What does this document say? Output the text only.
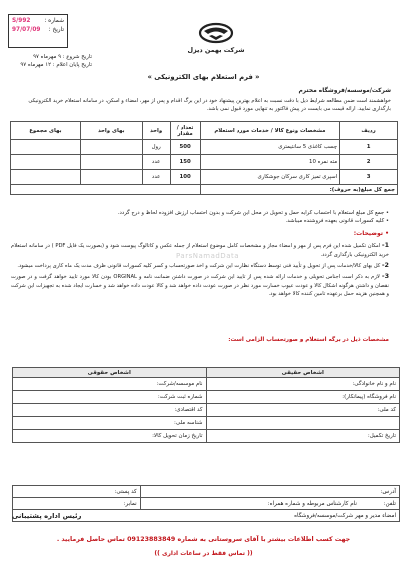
شماره :
S/992
تاریخ :
97/07/09
تاریخ شروع : ۹ مهرماه ۹۷
تاریخ پایان اعلام : ۱۲ مهرماه ۹۷
شرکت بهمن دیزل
« فرم استعلام بهای الکترونیکی »
شرکت/موسسه/فروشگاه محترم
خواهشمند است ضمن مطالعه شرایط ذیل با دقت نسبت به اعلام بهترین پیشنهاد خود در این برگ اقدام و پس از مهر، امضاء و اسکن، در سامانه استعلام خرید الکترونیکی بارگذاری نمایید. ارائه قیمت می بایست در پیش فاکتور به تنهایی مورد قبول نمی باشد.
ردیف	مشخصات ونوع کالا / خدمات مورد استعلام	تعداد / مقدار	واحد	بهای واحد	بهای مجموع
1	چسب کاغذی 5 سانتیمتری	500	رول		
2	مته نمره 10	150	عدد		
3	اسپری تمیز کاری سرکان جوشکاری	100	عدد		
جمع کل مبلغ(به حروف):					
• جمع کل مبلغ استعلام با احتساب کرایه حمل و تحویل در محل این شرکت و بدون احتساب ارزش افزوده لحاظ و درج گردد.
• کلیه کسورات قانونی بعهده فروشنده میباشد.
• توضیحات:

1- امکان تکمیل شده این فرم پس از مهر و امضاء مجاز و مشخصات کامل موضوع استعلام از جمله عکس و کاتالوگ پیوست شود و (بصورت یک فایل PDF ) در سامانه استعلام خرید الکترونیکی بارگذاری گردد.

2- کل بهای کالا/خدمات پس از تحویل و تأیید فنی توسط دستگاه نظارت این شرکت و اخذ صورتحساب و کسر کلیه کسورات قانونی ظرف مدت یک ماه کاری پرداخت میشود.

3- لازم به ذکر است اجناس تحویلی و خدمات ارائه شده پس از تایید این شرکت در صورت داشتن ضمانت نامه و ORGINAL بودن کالا مورد تایید خواهد گرفت و در صورت نقصان و داشتن هرگونه اشکال کالا و عودت عیوب خسارت مورد نظر در صورت عودت داده خواهد شد و کالا عودت داده خواهد شد و خسارت ایجاد شده به تجهیزات این شرکت و همچنین هزینه حمل برعهده تامین کننده کالا خواهد بود.

ParsNamadData
مشخصات ذیل در برگه استعلام و صورتحساب الزامی است:
اشخاص حقیقی	اشخاص حقوقی
نام و نام خانوادگی:	نام موسسه/شرکت:
نام فروشگاه (پیمانکار):	شماره ثبت شرکت:
کد ملی:	کد اقتصادی:
	شناسه ملی:
تاریخ تکمیل:	تاریخ زمان تحویل کالا:
آدرس:	کد پستی:
تلفن:               نام کارشناس مربوطه و شماره همراه:	نمابر:
امضاء مدیر و مهر شرکت/موسسه/فروشگاه	
رئیس اداره پشتیبانی
جهت کسب اطلاعات بیشتر با آقای سروستانی به شماره 09123883849 تماس حاصل فرمایید .
(( تماس فقط در ساعات اداری ))
